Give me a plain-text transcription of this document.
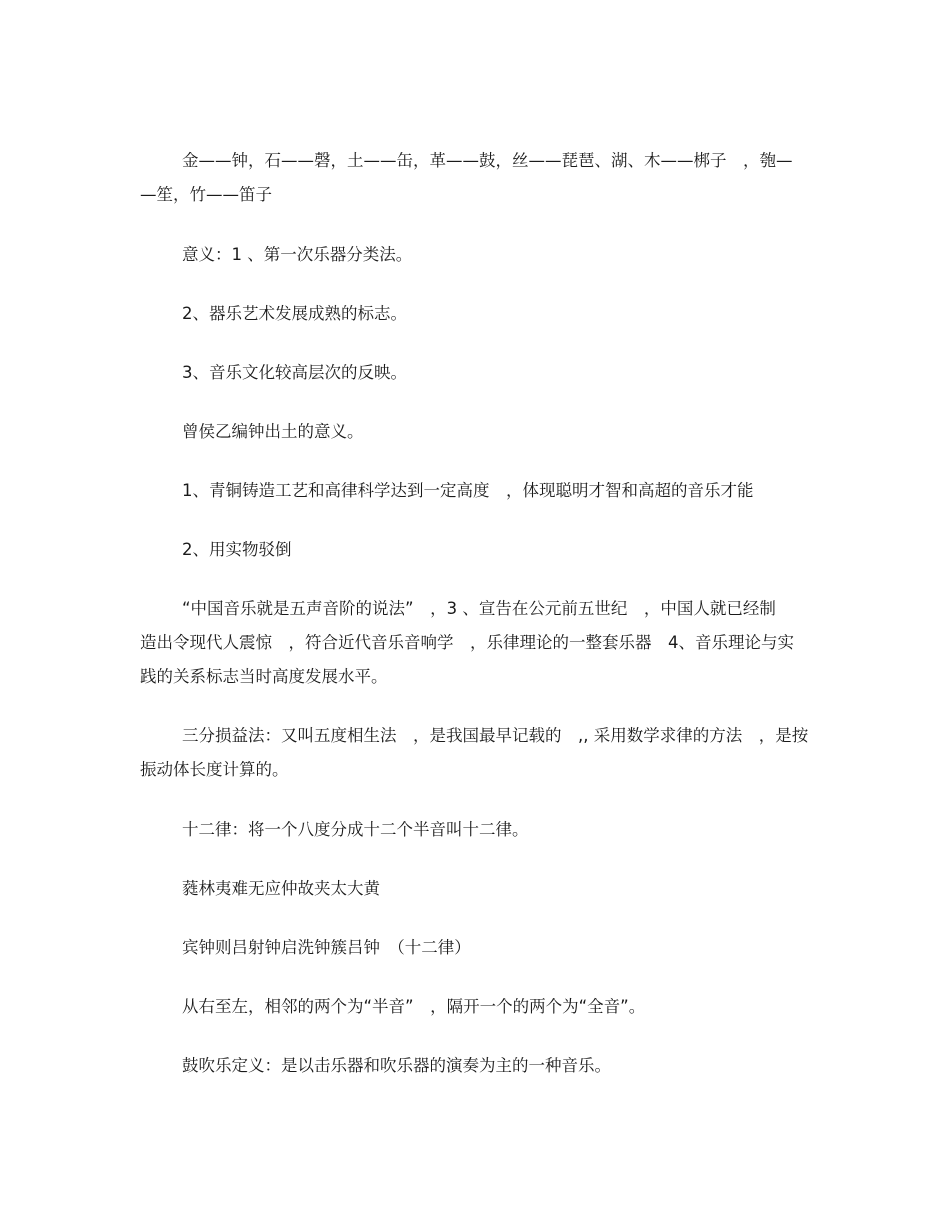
金——钟，石——磬，土——缶，革——鼓，丝——琵琶、湖、木——梆子　，匏—
—笙，竹——笛子
意义：1 、第一次乐器分类法。
2、器乐艺术发展成熟的标志。
3、音乐文化较高层次的反映。
曾侯乙编钟出土的意义。
1、青铜铸造工艺和高律科学达到一定高度　，体现聪明才智和高超的音乐才能
2、用实物驳倒
“中国音乐就是五声音阶的说法”　，3 、宣告在公元前五世纪　，中国人就已经制
造出令现代人震惊　，符合近代音乐音响学　，乐律理论的一整套乐器　4、音乐理论与实
践的关系标志当时高度发展水平。
三分损益法：又叫五度相生法　，是我国最早记载的　,, 采用数学求律的方法　，是按
振动体长度计算的。
十二律：将一个八度分成十二个半音叫十二律。
蕤林夷难无应仲故夹太大黄
宾钟则吕射钟启洗钟簇吕钟　（十二律）
从右至左，相邻的两个为“半音”　，隔开一个的两个为“全音”。
鼓吹乐定义：是以击乐器和吹乐器的演奏为主的一种音乐。
